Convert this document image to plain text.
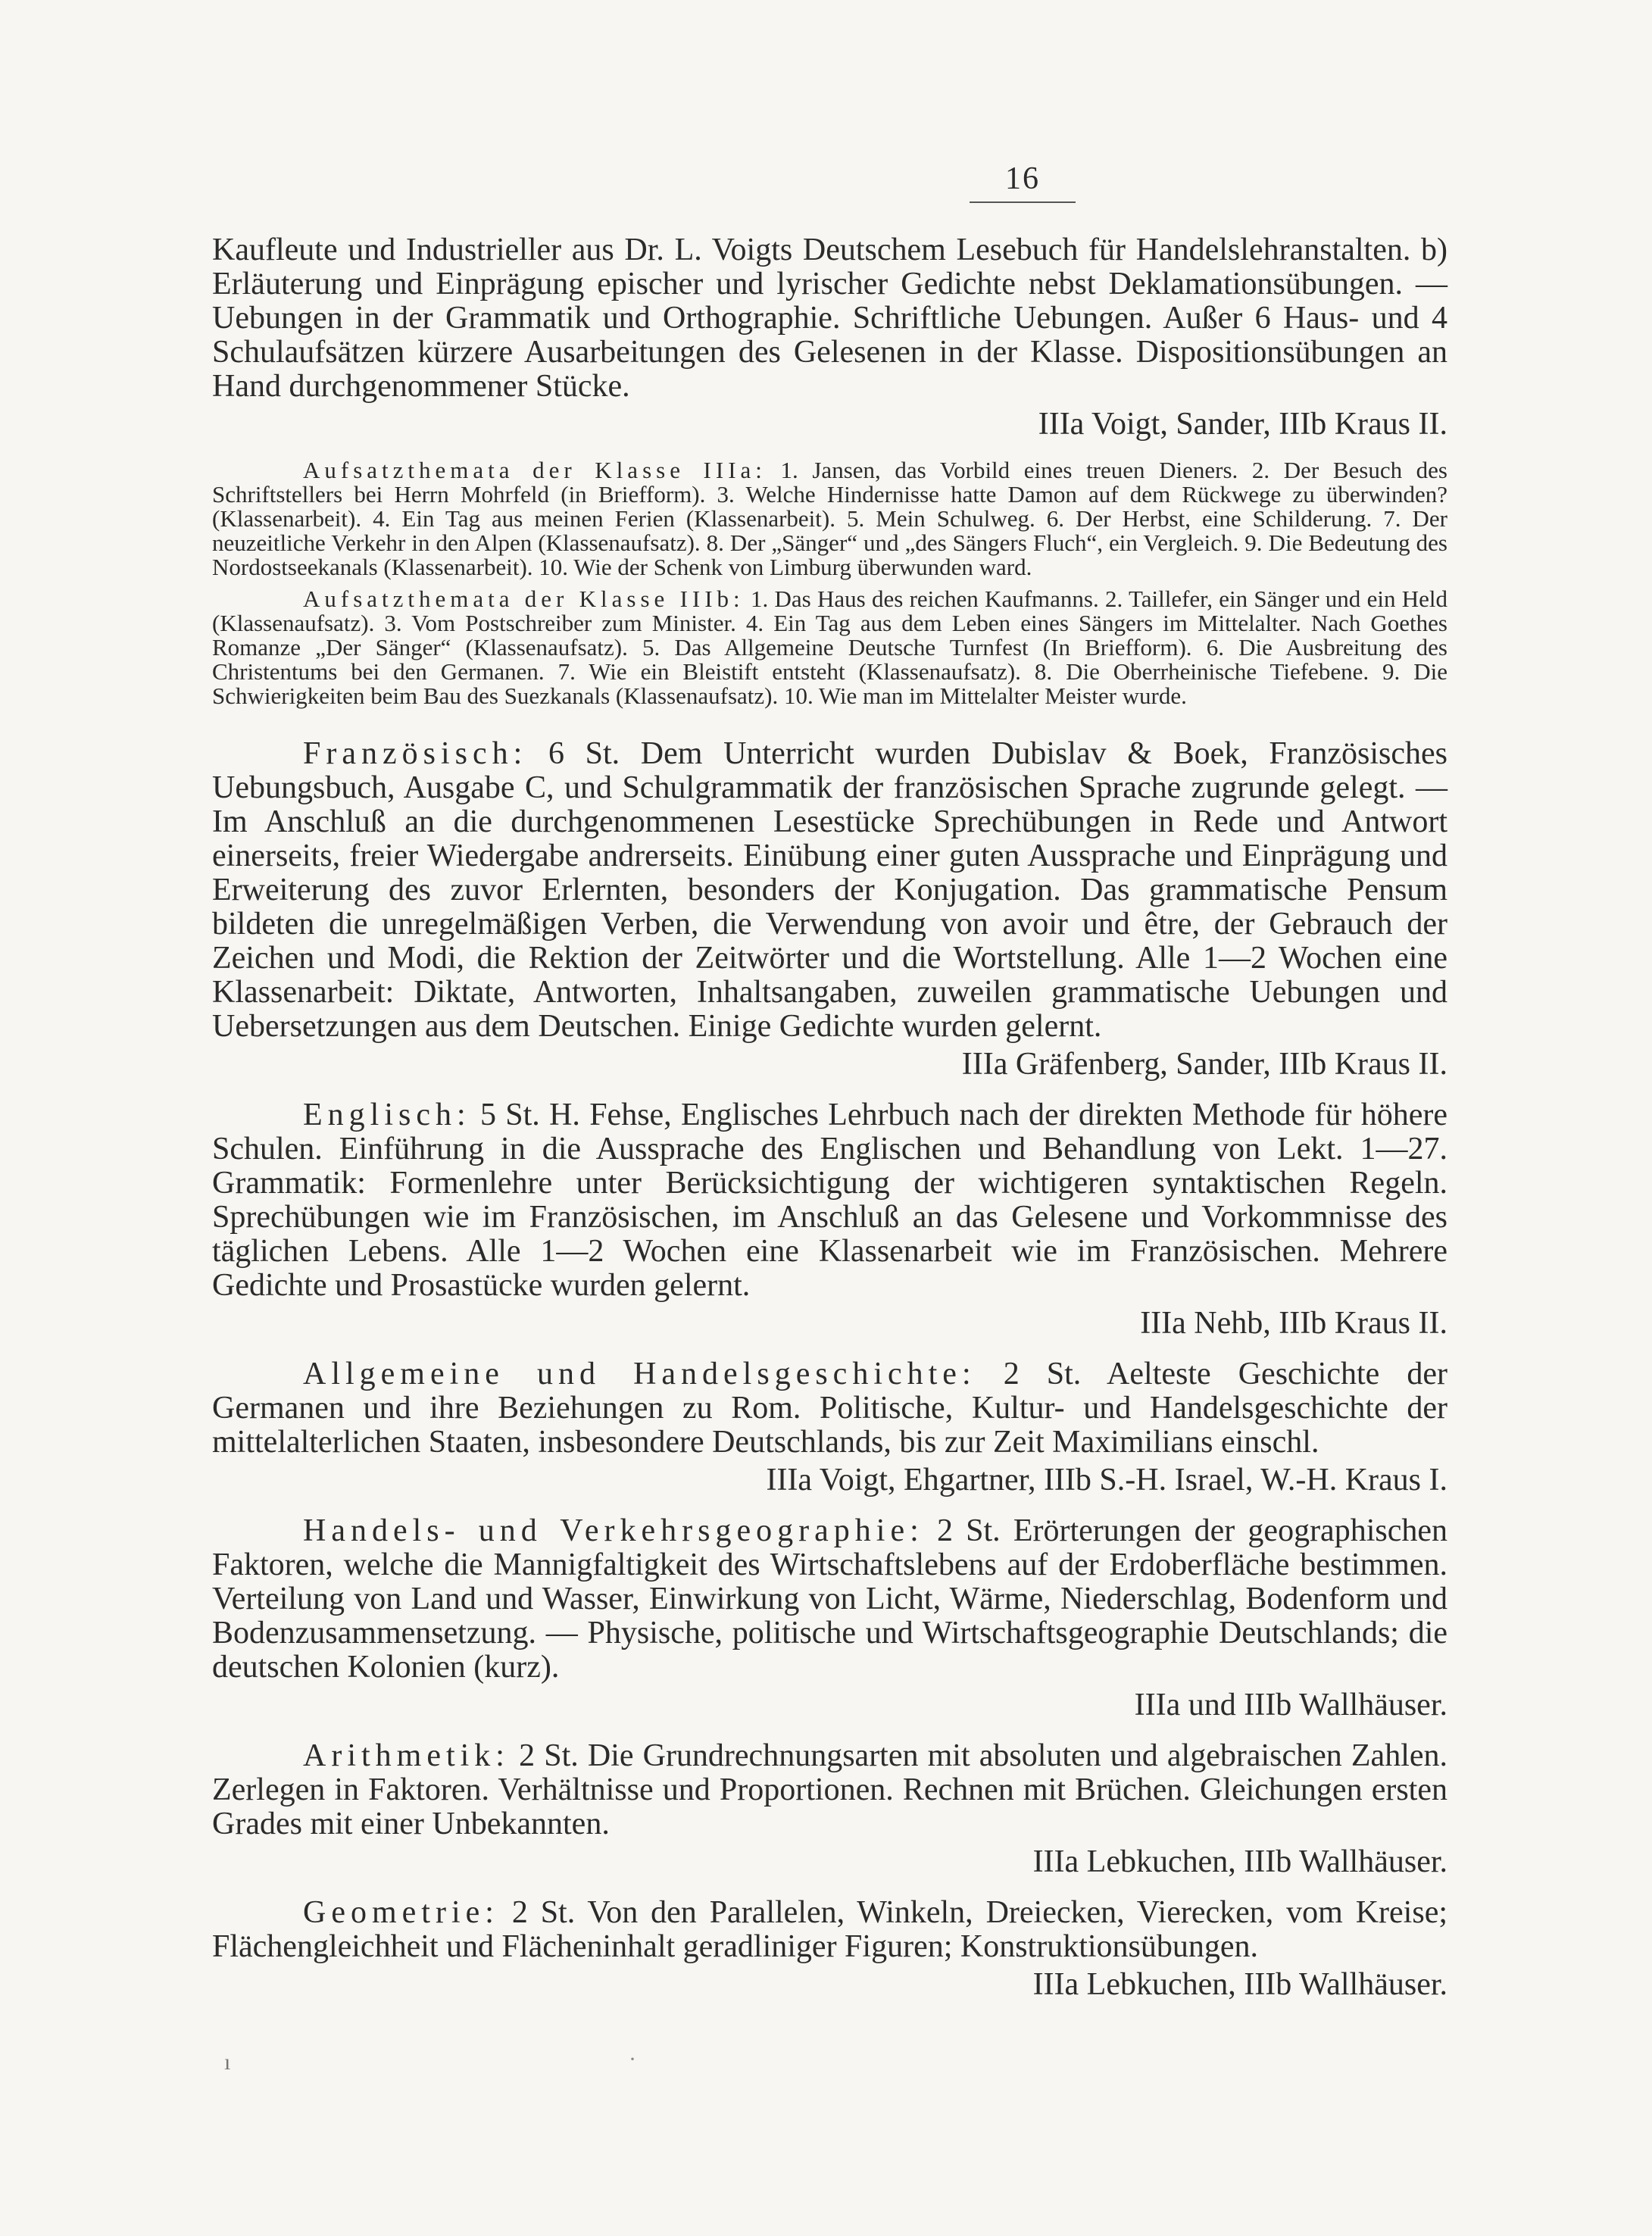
16

Kaufleute und Industrieller aus Dr. L. Voigts Deutschem Lesebuch für Handelslehranstalten. b) Erläuterung und Einprägung epischer und lyrischer Gedichte nebst Deklamationsübungen. — Uebungen in der Grammatik und Orthographie. Schriftliche Uebungen. Außer 6 Haus- und 4 Schulaufsätzen kürzere Ausarbeitungen des Gelesenen in der Klasse. Dispositionsübungen an Hand durchgenommener Stücke.

IIIa Voigt, Sander, IIIb Kraus II.

Aufsatzthemata der Klasse IIIa: 1. Jansen, das Vorbild eines treuen Dieners. 2. Der Besuch des Schriftstellers bei Herrn Mohrfeld (in Briefform). 3. Welche Hindernisse hatte Damon auf dem Rückwege zu überwinden? (Klassenarbeit). 4. Ein Tag aus meinen Ferien (Klassenarbeit). 5. Mein Schulweg. 6. Der Herbst, eine Schilderung. 7. Der neuzeitliche Verkehr in den Alpen (Klassenaufsatz). 8. Der „Sänger“ und „des Sängers Fluch“, ein Vergleich. 9. Die Bedeutung des Nordostseekanals (Klassenarbeit). 10. Wie der Schenk von Limburg überwunden ward.

Aufsatzthemata der Klasse IIIb: 1. Das Haus des reichen Kaufmanns. 2. Taillefer, ein Sänger und ein Held (Klassenaufsatz). 3. Vom Postschreiber zum Minister. 4. Ein Tag aus dem Leben eines Sängers im Mittelalter. Nach Goethes Romanze „Der Sänger“ (Klassenaufsatz). 5. Das Allgemeine Deutsche Turnfest (In Briefform). 6. Die Ausbreitung des Christentums bei den Germanen. 7. Wie ein Bleistift entsteht (Klassenaufsatz). 8. Die Oberrheinische Tiefebene. 9. Die Schwierigkeiten beim Bau des Suezkanals (Klassenaufsatz). 10. Wie man im Mittelalter Meister wurde.

Französisch: 6 St. Dem Unterricht wurden Dubislav & Boek, Französisches Uebungsbuch, Ausgabe C, und Schulgrammatik der französischen Sprache zugrunde gelegt. — Im Anschluß an die durchgenommenen Lesestücke Sprechübungen in Rede und Antwort einerseits, freier Wiedergabe andrerseits. Einübung einer guten Aussprache und Einprägung und Erweiterung des zuvor Erlernten, besonders der Konjugation. Das grammatische Pensum bildeten die unregelmäßigen Verben, die Verwendung von avoir und être, der Gebrauch der Zeichen und Modi, die Rektion der Zeitwörter und die Wortstellung. Alle 1—2 Wochen eine Klassenarbeit: Diktate, Antworten, Inhaltsangaben, zuweilen grammatische Uebungen und Uebersetzungen aus dem Deutschen. Einige Gedichte wurden gelernt.

IIIa Gräfenberg, Sander, IIIb Kraus II.

Englisch: 5 St. H. Fehse, Englisches Lehrbuch nach der direkten Methode für höhere Schulen. Einführung in die Aussprache des Englischen und Behandlung von Lekt. 1—27. Grammatik: Formenlehre unter Berücksichtigung der wichtigeren syntaktischen Regeln. Sprechübungen wie im Französischen, im Anschluß an das Gelesene und Vorkommnisse des täglichen Lebens. Alle 1—2 Wochen eine Klassenarbeit wie im Französischen. Mehrere Gedichte und Prosastücke wurden gelernt.

IIIa Nehb, IIIb Kraus II.

Allgemeine und Handelsgeschichte: 2 St. Aelteste Geschichte der Germanen und ihre Beziehungen zu Rom. Politische, Kultur- und Handelsgeschichte der mittelalterlichen Staaten, insbesondere Deutschlands, bis zur Zeit Maximilians einschl.

IIIa Voigt, Ehgartner, IIIb S.-H. Israel, W.-H. Kraus I.

Handels- und Verkehrsgeographie: 2 St. Erörterungen der geographischen Faktoren, welche die Mannigfaltigkeit des Wirtschaftslebens auf der Erdoberfläche bestimmen. Verteilung von Land und Wasser, Einwirkung von Licht, Wärme, Niederschlag, Bodenform und Bodenzusammensetzung. — Physische, politische und Wirtschaftsgeographie Deutschlands; die deutschen Kolonien (kurz).

IIIa und IIIb Wallhäuser.

Arithmetik: 2 St. Die Grundrechnungsarten mit absoluten und algebraischen Zahlen. Zerlegen in Faktoren. Verhältnisse und Proportionen. Rechnen mit Brüchen. Gleichungen ersten Grades mit einer Unbekannten.

IIIa Lebkuchen, IIIb Wallhäuser.

Geometrie: 2 St. Von den Parallelen, Winkeln, Dreiecken, Vierecken, vom Kreise; Flächengleichheit und Flächeninhalt geradliniger Figuren; Konstruktionsübungen.

IIIa Lebkuchen, IIIb Wallhäuser.
ı	·
